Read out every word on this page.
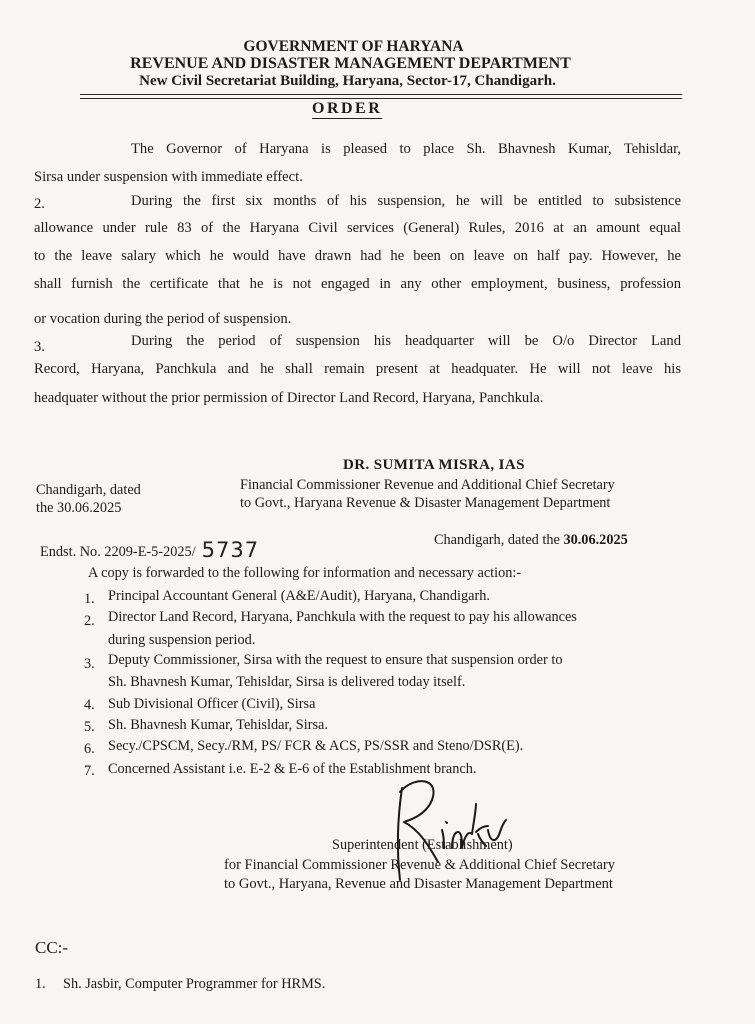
GOVERNMENT OF HARYANA
REVENUE AND DISASTER MANAGEMENT DEPARTMENT
New Civil Secretariat Building, Haryana, Sector-17, Chandigarh.
ORDER
The Governor of Haryana is pleased to place Sh. Bhavnesh Kumar, Tehisldar,
Sirsa under suspension with immediate effect.
2.	During the first six months of his suspension, he will be entitled to subsistence
allowance under rule 83 of the Haryana Civil services (General) Rules, 2016 at an amount equal
to the leave salary which he would have drawn had he been on leave on half pay. However, he
shall furnish the certificate that he is not engaged in any other employment, business, profession
or vocation during the period of suspension.
3.	During the period of suspension his headquarter will be O/o Director Land
Record, Haryana, Panchkula and he shall remain present at headquater. He will not leave his
headquater without the prior permission of Director Land Record, Haryana, Panchkula.
DR. SUMITA MISRA, IAS
Financial Commissioner Revenue and Additional Chief Secretary
to Govt., Haryana Revenue & Disaster Management Department
Chandigarh, dated
the 30.06.2025
Endst. No. 2209-E-5-2025/ 5737	Chandigarh, dated the 30.06.2025
A copy is forwarded to the following for information and necessary action:-
1. Principal Accountant General (A&E/Audit), Haryana, Chandigarh.
2. Director Land Record, Haryana, Panchkula with the request to pay his allowances
during suspension period.
3. Deputy Commissioner, Sirsa with the request to ensure that suspension order to
Sh. Bhavnesh Kumar, Tehisldar, Sirsa is delivered today itself.
4. Sub Divisional Officer (Civil), Sirsa
5. Sh. Bhavnesh Kumar, Tehisldar, Sirsa.
6. Secy./CPSCM, Secy./RM, PS/ FCR & ACS, PS/SSR and Steno/DSR(E).
7. Concerned Assistant i.e. E-2 & E-6 of the Establishment branch.
Superintendent (Establishment)
for Financial Commissioner Revenue & Additional Chief Secretary
to Govt., Haryana, Revenue and Disaster Management Department
CC:-
1. Sh. Jasbir, Computer Programmer for HRMS.
